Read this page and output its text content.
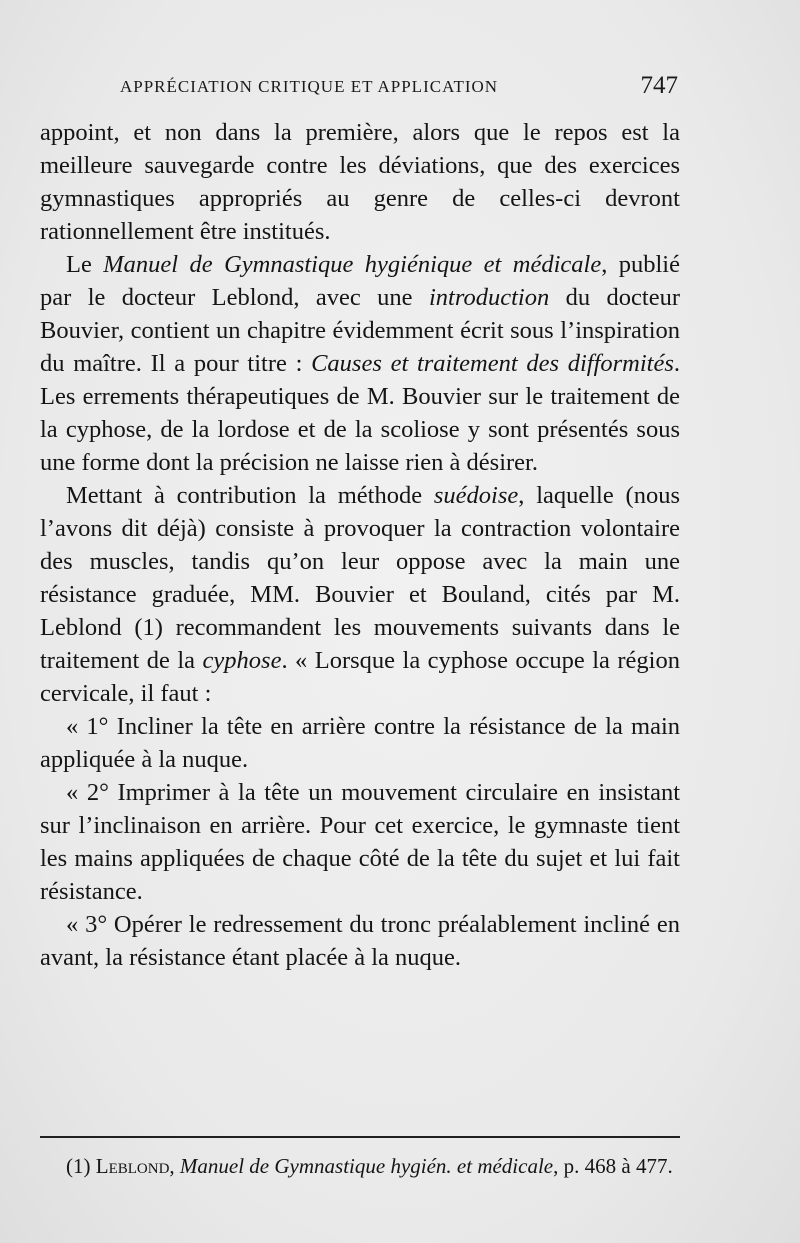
APPRÉCIATION CRITIQUE ET APPLICATION	747

appoint, et non dans la première, alors que le repos est la meilleure sauvegarde contre les déviations, que des exercices gymnastiques appropriés au genre de celles-ci devront rationnellement être institués.

Le Manuel de Gymnastique hygiénique et médicale, publié par le docteur Leblond, avec une introduction du docteur Bouvier, contient un chapitre évidemment écrit sous l’inspiration du maître. Il a pour titre : Causes et traitement des difformités. Les errements thérapeutiques de M. Bouvier sur le traitement de la cyphose, de la lordose et de la scoliose y sont présentés sous une forme dont la précision ne laisse rien à désirer.

Mettant à contribution la méthode suédoise, laquelle (nous l’avons dit déjà) consiste à provoquer la contraction volontaire des muscles, tandis qu’on leur oppose avec la main une résistance graduée, MM. Bouvier et Bouland, cités par M. Leblond (1) recommandent les mouvements suivants dans le traitement de la cyphose. « Lorsque la cyphose occupe la région cervicale, il faut :

« 1° Incliner la tête en arrière contre la résistance de la main appliquée à la nuque.

« 2° Imprimer à la tête un mouvement circulaire en insistant sur l’inclinaison en arrière. Pour cet exercice, le gymnaste tient les mains appliquées de chaque côté de la tête du sujet et lui fait résistance.

« 3° Opérer le redressement du tronc préalablement incliné en avant, la résistance étant placée à la nuque.

(1) Leblond, Manuel de Gymnastique hygién. et médicale, p. 468 à 477.
